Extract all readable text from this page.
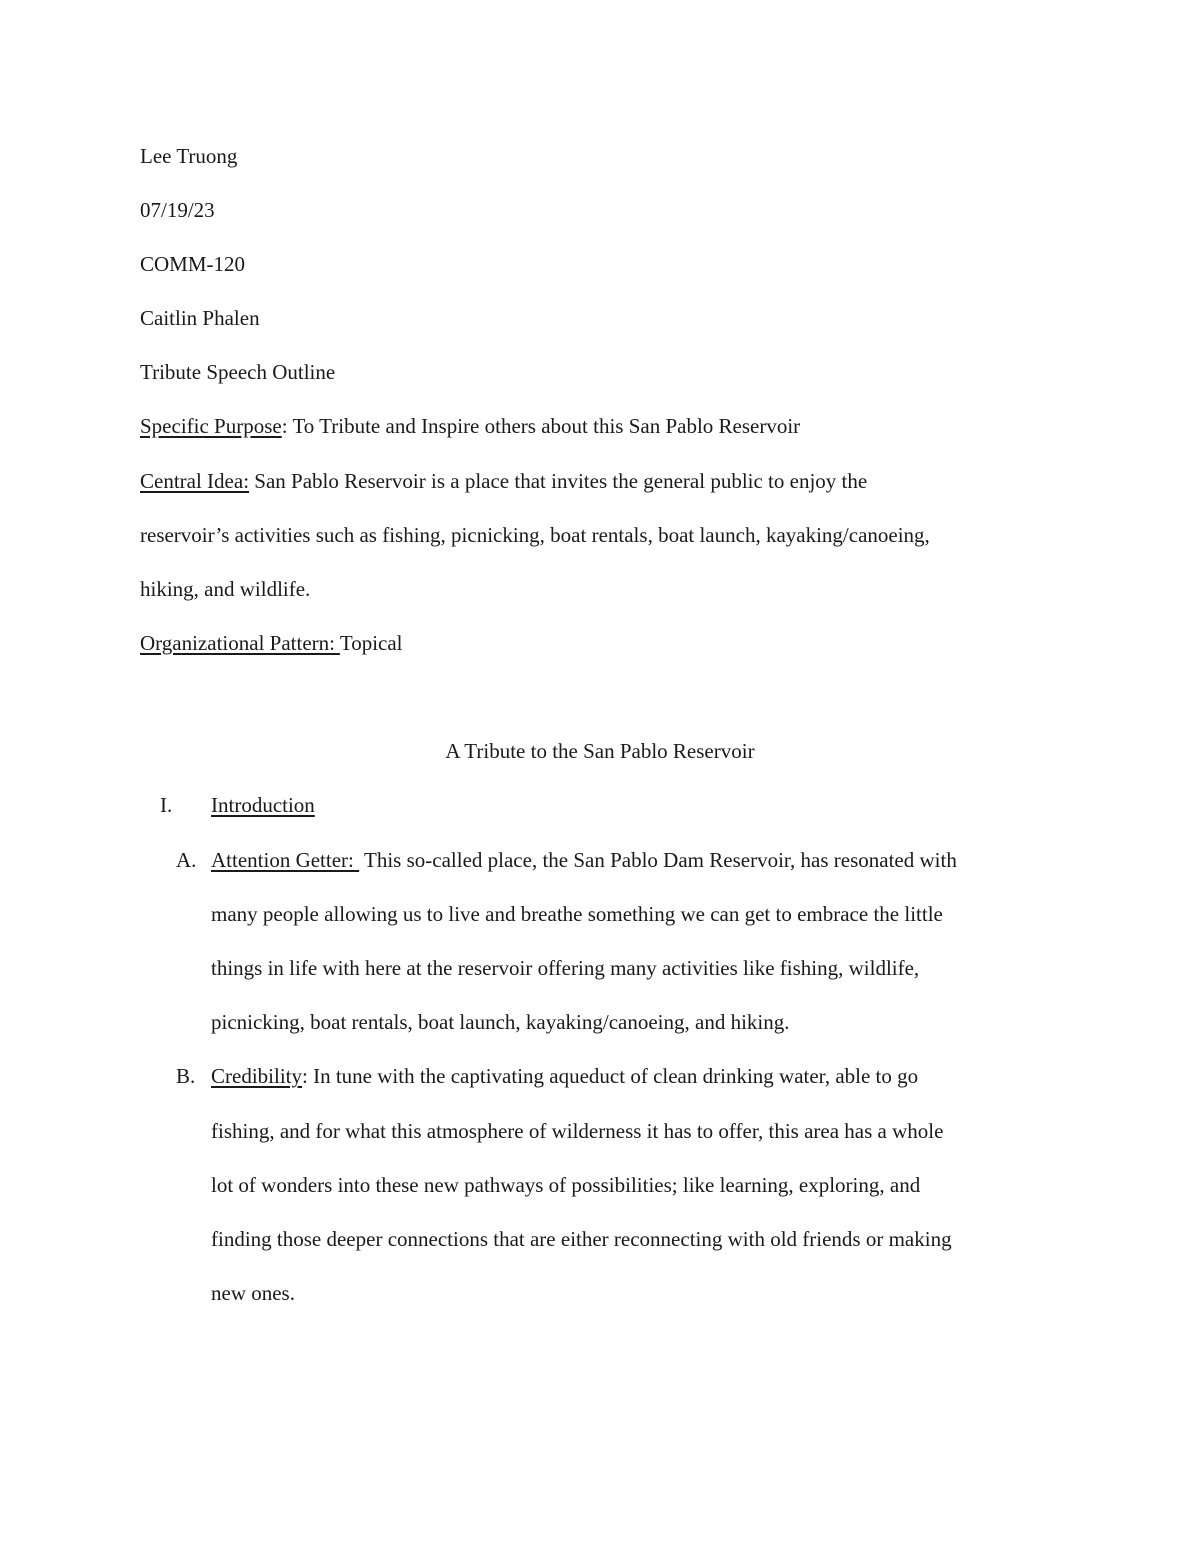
Lee Truong
07/19/23
COMM-120
Caitlin Phalen
Tribute Speech Outline
Specific Purpose: To Tribute and Inspire others about this San Pablo Reservoir
Central Idea: San Pablo Reservoir is a place that invites the general public to enjoy the
reservoir’s activities such as fishing, picnicking, boat rentals, boat launch, kayaking/canoeing,
hiking, and wildlife.
Organizational Pattern: Topical
A Tribute to the San Pablo Reservoir
I. Introduction
A. Attention Getter:  This so-called place, the San Pablo Dam Reservoir, has resonated with
many people allowing us to live and breathe something we can get to embrace the little
things in life with here at the reservoir offering many activities like fishing, wildlife,
picnicking, boat rentals, boat launch, kayaking/canoeing, and hiking.
B. Credibility: In tune with the captivating aqueduct of clean drinking water, able to go
fishing, and for what this atmosphere of wilderness it has to offer, this area has a whole
lot of wonders into these new pathways of possibilities; like learning, exploring, and
finding those deeper connections that are either reconnecting with old friends or making
new ones.
